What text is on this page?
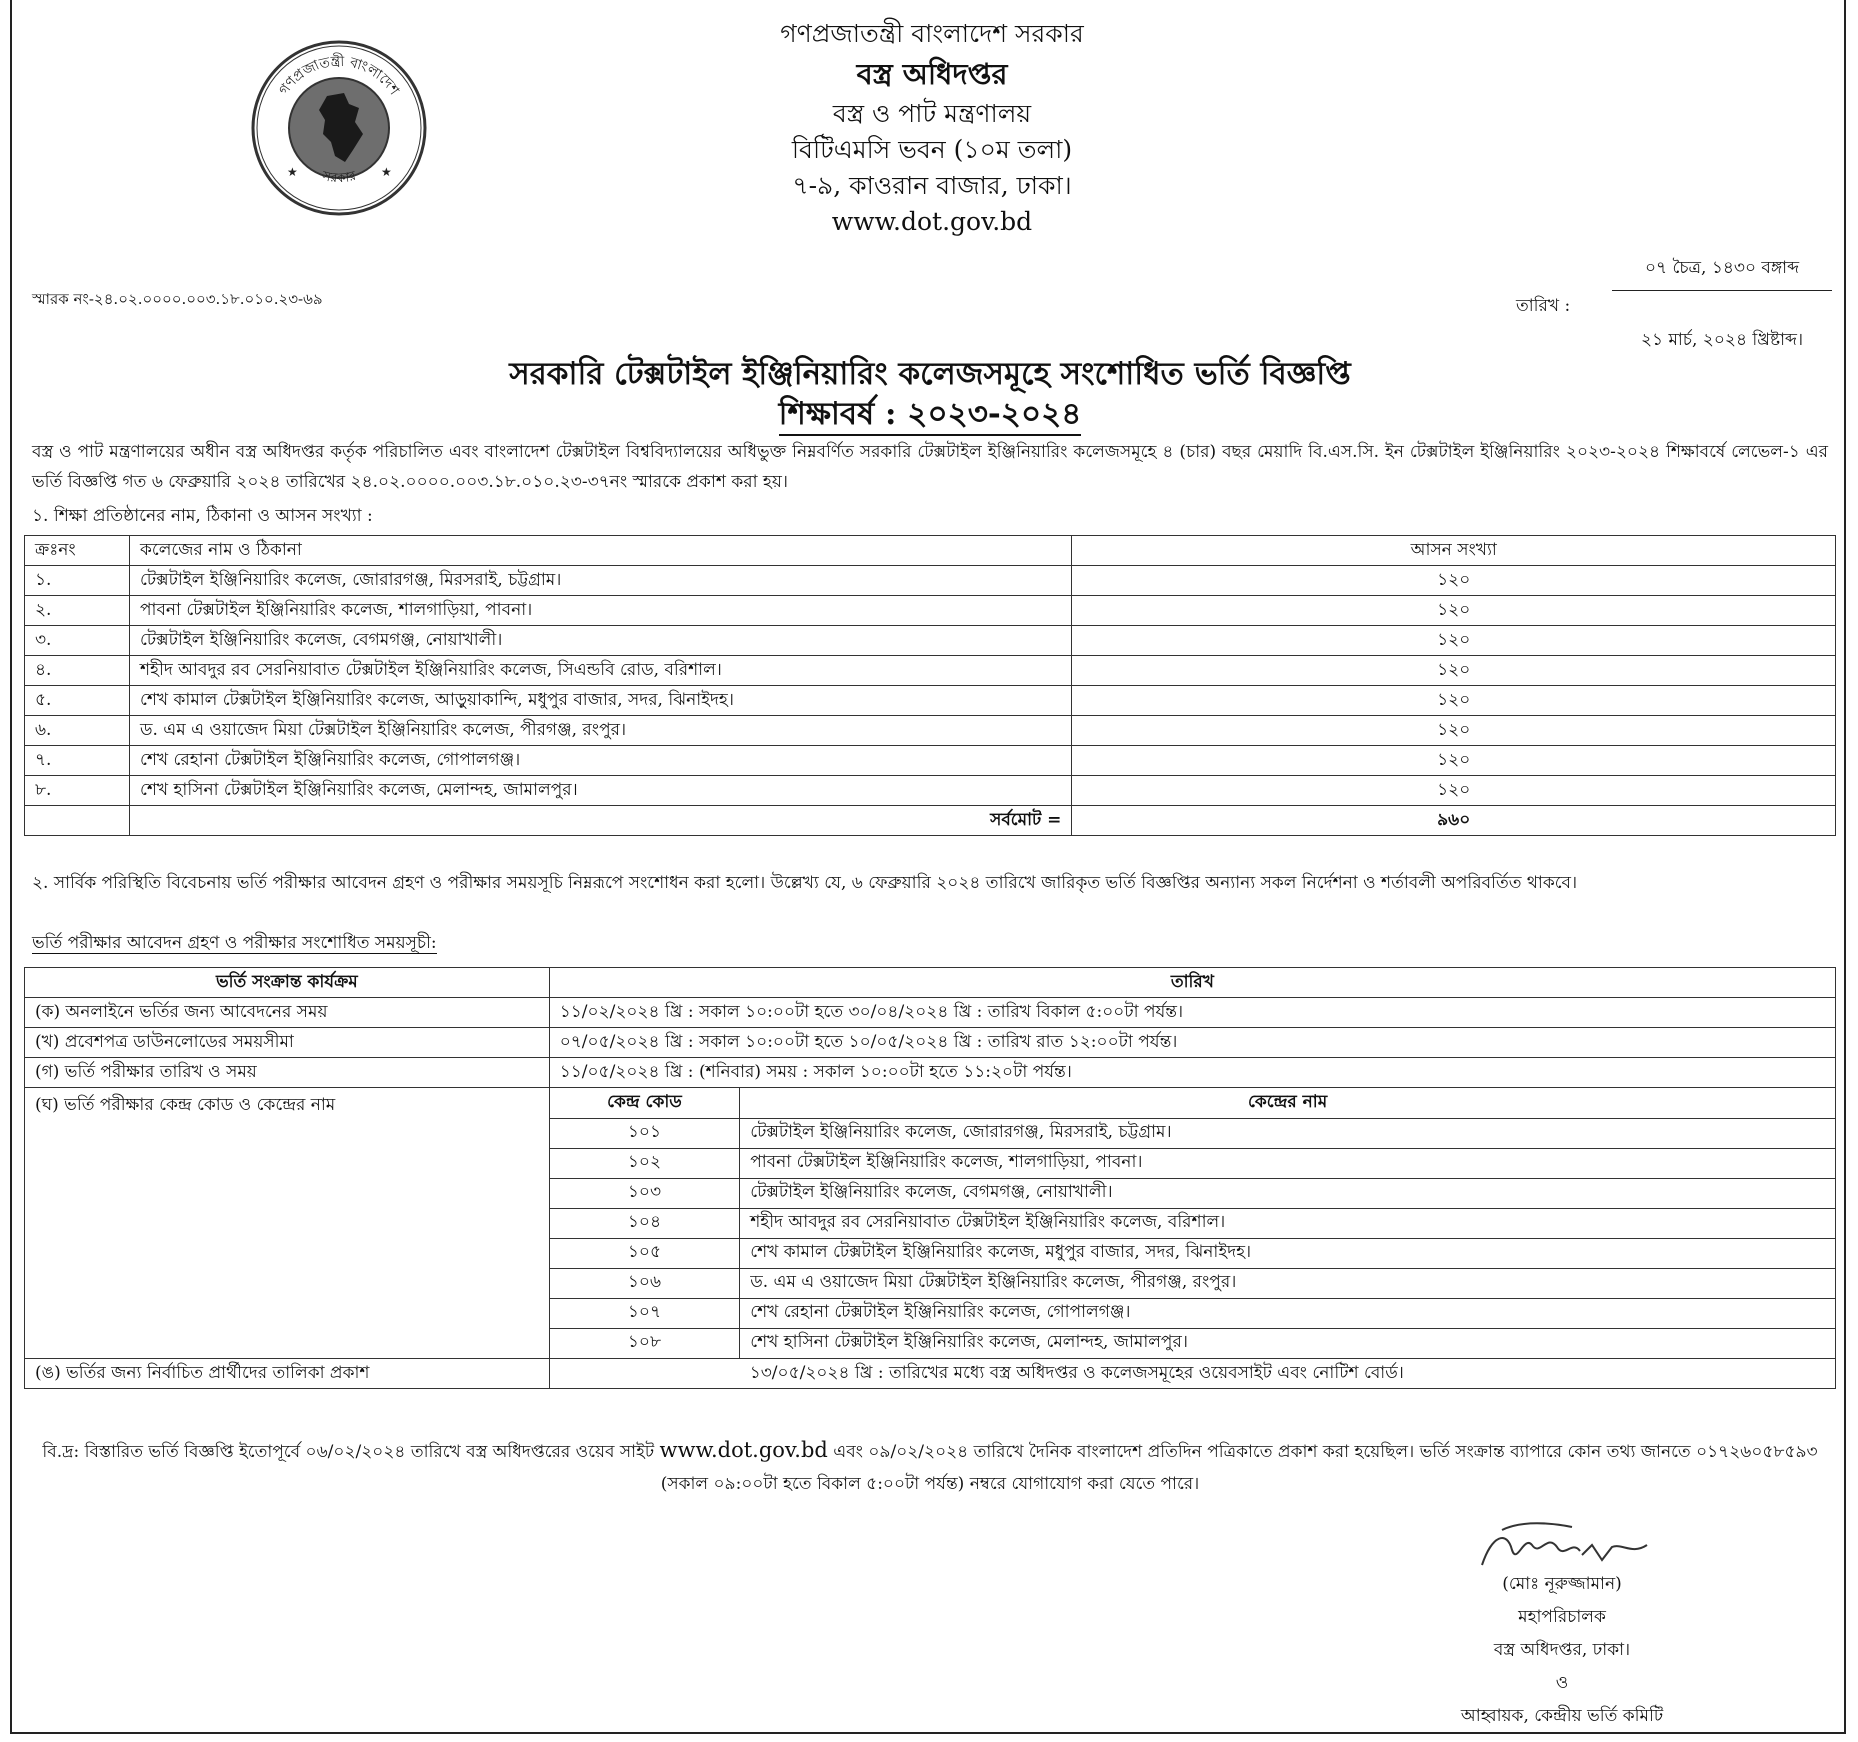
গণপ্রজাতন্ত্রী বাংলাদেশ
সরকার
★	★
গণপ্রজাতন্ত্রী বাংলাদেশ সরকার
বস্ত্র অধিদপ্তর
বস্ত্র ও পাট মন্ত্রণালয়
বিটিএমসি ভবন (১০ম তলা)
৭-৯, কাওরান বাজার, ঢাকা।
www.dot.gov.bd
স্মারক নং-২৪.০২.০০০০.০০৩.১৮.০১০.২৩-৬৯	তারিখ :
০৭ চৈত্র, ১৪৩০ বঙ্গাব্দ
২১ মার্চ, ২০২৪ খ্রিষ্টাব্দ।
সরকারি টেক্সটাইল ইঞ্জিনিয়ারিং কলেজসমূহে সংশোধিত ভর্তি বিজ্ঞপ্তি
শিক্ষাবর্ষ : ২০২৩-২০২৪
বস্ত্র ও পাট মন্ত্রণালয়ের অধীন বস্ত্র অধিদপ্তর কর্তৃক পরিচালিত এবং বাংলাদেশ টেক্সটাইল বিশ্ববিদ্যালয়ের অধিভুক্ত নিম্নবর্ণিত সরকারি টেক্সটাইল ইঞ্জিনিয়ারিং কলেজসমূহে ৪ (চার) বছর মেয়াদি বি.এস.সি. ইন টেক্সটাইল ইঞ্জিনিয়ারিং ২০২৩-২০২৪ শিক্ষাবর্ষে লেভেল-১ এর ভর্তি বিজ্ঞপ্তি গত ৬ ফেব্রুয়ারি ২০২৪ তারিখের ২৪.০২.০০০০.০০৩.১৮.০১০.২৩-৩৭নং স্মারকে প্রকাশ করা হয়।
১. শিক্ষা প্রতিষ্ঠানের নাম, ঠিকানা ও আসন সংখ্যা :
ক্রঃনং	কলেজের নাম ও ঠিকানা	আসন সংখ্যা
১.	টেক্সটাইল ইঞ্জিনিয়ারিং কলেজ, জোরারগঞ্জ, মিরসরাই, চট্টগ্রাম।	১২০
২.	পাবনা টেক্সটাইল ইঞ্জিনিয়ারিং কলেজ, শালগাড়িয়া, পাবনা।	১২০
৩.	টেক্সটাইল ইঞ্জিনিয়ারিং কলেজ, বেগমগঞ্জ, নোয়াখালী।	১২০
৪.	শহীদ আবদুর রব সেরনিয়াবাত টেক্সটাইল ইঞ্জিনিয়ারিং কলেজ, সিএন্ডবি রোড, বরিশাল।	১২০
৫.	শেখ কামাল টেক্সটাইল ইঞ্জিনিয়ারিং কলেজ, আড়ুয়াকান্দি, মধুপুর বাজার, সদর, ঝিনাইদহ।	১২০
৬.	ড. এম এ ওয়াজেদ মিয়া টেক্সটাইল ইঞ্জিনিয়ারিং কলেজ, পীরগঞ্জ, রংপুর।	১২০
৭.	শেখ রেহানা টেক্সটাইল ইঞ্জিনিয়ারিং কলেজ, গোপালগঞ্জ।	১২০
৮.	শেখ হাসিনা টেক্সটাইল ইঞ্জিনিয়ারিং কলেজ, মেলান্দহ, জামালপুর।	১২০
	সর্বমোট =	৯৬০
২. সার্বিক পরিস্থিতি বিবেচনায় ভর্তি পরীক্ষার আবেদন গ্রহণ ও পরীক্ষার সময়সূচি নিম্নরূপে সংশোধন করা হলো। উল্লেখ্য যে, ৬ ফেব্রুয়ারি ২০২৪ তারিখে জারিকৃত ভর্তি বিজ্ঞপ্তির অন্যান্য সকল নির্দেশনা ও শর্তাবলী অপরিবর্তিত থাকবে।
ভর্তি পরীক্ষার আবেদন গ্রহণ ও পরীক্ষার সংশোধিত সময়সূচী:
ভর্তি সংক্রান্ত কার্যক্রম	তারিখ
(ক) অনলাইনে ভর্তির জন্য আবেদনের সময়	১১/০২/২০২৪ খ্রি : সকাল ১০:০০টা হতে ৩০/০৪/২০২৪ খ্রি : তারিখ বিকাল ৫:০০টা পর্যন্ত।
(খ) প্রবেশপত্র ডাউনলোডের সময়সীমা	০৭/০৫/২০২৪ খ্রি : সকাল ১০:০০টা হতে ১০/০৫/২০২৪ খ্রি : তারিখ রাত ১২:০০টা পর্যন্ত।
(গ) ভর্তি পরীক্ষার তারিখ ও সময়	১১/০৫/২০২৪ খ্রি : (শনিবার) সময় : সকাল ১০:০০টা হতে ১১:২০টা পর্যন্ত।
(ঘ) ভর্তি পরীক্ষার কেন্দ্র কোড ও কেন্দ্রের নাম		কেন্দ্র কোড	কেন্দ্রের নাম
১০১	টেক্সটাইল ইঞ্জিনিয়ারিং কলেজ, জোরারগঞ্জ, মিরসরাই, চট্টগ্রাম।
১০২	পাবনা টেক্সটাইল ইঞ্জিনিয়ারিং কলেজ, শালগাড়িয়া, পাবনা।
১০৩	টেক্সটাইল ইঞ্জিনিয়ারিং কলেজ, বেগমগঞ্জ, নোয়াখালী।
১০৪	শহীদ আবদুর রব সেরনিয়াবাত টেক্সটাইল ইঞ্জিনিয়ারিং কলেজ, বরিশাল।
১০৫	শেখ কামাল টেক্সটাইল ইঞ্জিনিয়ারিং কলেজ, মধুপুর বাজার, সদর, ঝিনাইদহ।
১০৬	ড. এম এ ওয়াজেদ মিয়া টেক্সটাইল ইঞ্জিনিয়ারিং কলেজ, পীরগঞ্জ, রংপুর।
১০৭	শেখ রেহানা টেক্সটাইল ইঞ্জিনিয়ারিং কলেজ, গোপালগঞ্জ।
১০৮	শেখ হাসিনা টেক্সটাইল ইঞ্জিনিয়ারিং কলেজ, মেলান্দহ, জামালপুর।

(ঙ) ভর্তির জন্য নির্বাচিত প্রার্থীদের তালিকা প্রকাশ	১৩/০৫/২০২৪ খ্রি : তারিখের মধ্যে বস্ত্র অধিদপ্তর ও কলেজসমূহের ওয়েবসাইট এবং নোটিশ বোর্ড।
বি.দ্র: বিস্তারিত ভর্তি বিজ্ঞপ্তি ইতোপূর্বে ০৬/০২/২০২৪ তারিখে বস্ত্র অধিদপ্তরের ওয়েব সাইট www.dot.gov.bd এবং ০৯/০২/২০২৪ তারিখে দৈনিক বাংলাদেশ প্রতিদিন পত্রিকাতে প্রকাশ করা হয়েছিল। ভর্তি সংক্রান্ত ব্যাপারে কোন তথ্য জানতে ০১৭২৬০৫৮৫৯৩ (সকাল ০৯:০০টা হতে বিকাল ৫:০০টা পর্যন্ত) নম্বরে যোগাযোগ করা যেতে পারে।
(মোঃ নূরুজ্জামান)
মহাপরিচালক
বস্ত্র অধিদপ্তর, ঢাকা।
ও
আহ্বায়ক, কেন্দ্রীয় ভর্তি কমিটি
